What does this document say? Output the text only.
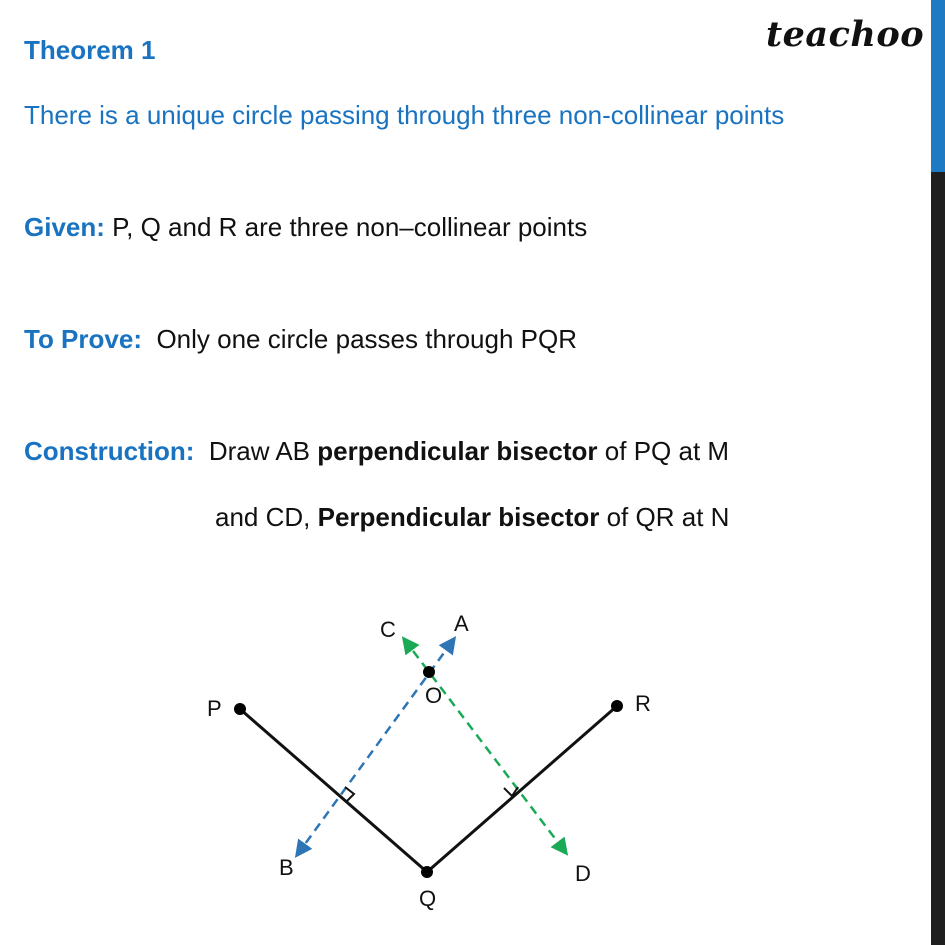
teachoo
Theorem 1
There is a unique circle passing through three non-collinear points
Given: P, Q and R are three non–collinear points
To Prove: Only one circle passes through PQR
Construction: Draw AB perpendicular bisector of PQ at M
and CD, Perpendicular bisector of QR at N
P
Q
R
O
A
B
C
D
